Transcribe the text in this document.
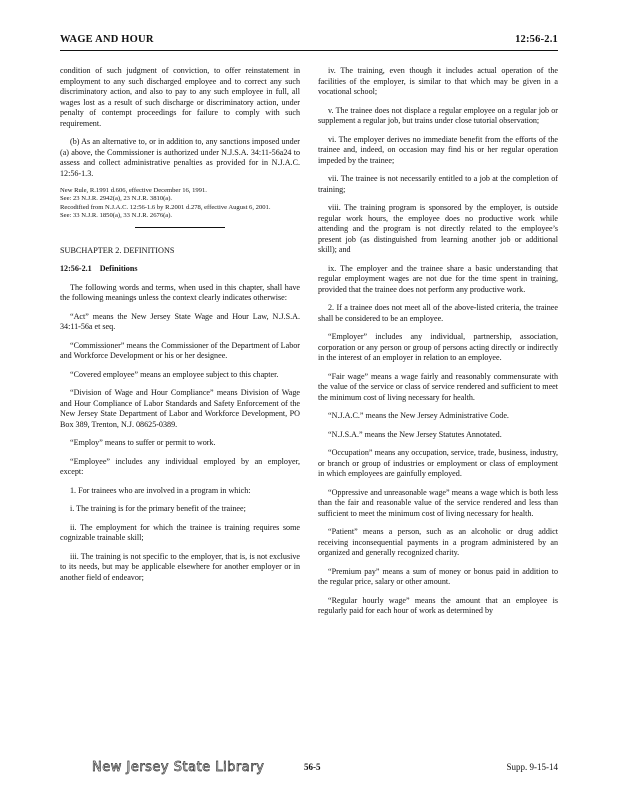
WAGE AND HOUR	12:56-2.1

condition of such judgment of conviction, to offer reinstatement in employment to any such discharged employee and to correct any such discriminatory action, and also to pay to any such employee in full, all wages lost as a result of such discharge or discriminatory action, under penalty of contempt proceedings for failure to comply with such requirement.

(b) As an alternative to, or in addition to, any sanctions imposed under (a) above, the Commissioner is authorized under N.J.S.A. 34:11-56a24 to assess and collect administrative penalties as provided for in N.J.A.C. 12:56-1.3.

New Rule, R.1991 d.606, effective December 16, 1991.

See: 23 N.J.R. 2942(a), 23 N.J.R. 3810(a).

Recodified from N.J.A.C. 12:56-1.6 by R.2001 d.278, effective August 6, 2001.

See: 33 N.J.R. 1850(a), 33 N.J.R. 2676(a).

SUBCHAPTER 2. DEFINITIONS

12:56-2.1 Definitions

The following words and terms, when used in this chapter, shall have the following meanings unless the context clearly indicates otherwise:

“Act” means the New Jersey State Wage and Hour Law, N.J.S.A. 34:11-56a et seq.

“Commissioner” means the Commissioner of the Department of Labor and Workforce Development or his or her designee.

“Covered employee” means an employee subject to this chapter.

“Division of Wage and Hour Compliance” means Division of Wage and Hour Compliance of Labor Standards and Safety Enforcement of the New Jersey State Department of Labor and Workforce Development, PO Box 389, Trenton, N.J. 08625-0389.

“Employ” means to suffer or permit to work.

“Employee” includes any individual employed by an employer, except:

1. For trainees who are involved in a program in which:

i. The training is for the primary benefit of the trainee;

ii. The employment for which the trainee is training requires some cognizable trainable skill;

iii. The training is not specific to the employer, that is, is not exclusive to its needs, but may be applicable elsewhere for another employer or in another field of endeavor;

iv. The training, even though it includes actual operation of the facilities of the employer, is similar to that which may be given in a vocational school;

v. The trainee does not displace a regular employee on a regular job or supplement a regular job, but trains under close tutorial observation;

vi. The employer derives no immediate benefit from the efforts of the trainee and, indeed, on occasion may find his or her regular operation impeded by the trainee;

vii. The trainee is not necessarily entitled to a job at the completion of training;

viii. The training program is sponsored by the employer, is outside regular work hours, the employee does no productive work while attending and the program is not directly related to the employee’s present job (as distinguished from learning another job or additional skill); and

ix. The employer and the trainee share a basic understanding that regular employment wages are not due for the time spent in training, provided that the trainee does not perform any productive work.

2. If a trainee does not meet all of the above-listed criteria, the trainee shall be considered to be an employee.

“Employer” includes any individual, partnership, association, corporation or any person or group of persons acting directly or indirectly in the interest of an employer in relation to an employee.

“Fair wage” means a wage fairly and reasonably commensurate with the value of the service or class of service rendered and sufficient to meet the minimum cost of living necessary for health.

“N.J.A.C.” means the New Jersey Administrative Code.

“N.J.S.A.” means the New Jersey Statutes Annotated.

“Occupation” means any occupation, service, trade, business, industry, or branch or group of industries or employment or class of employment in which employees are gainfully employed.

“Oppressive and unreasonable wage” means a wage which is both less than the fair and reasonable value of the service rendered and less than sufficient to meet the minimum cost of living necessary for health.

“Patient” means a person, such as an alcoholic or drug addict receiving inconsequential payments in a program administered by an organized and generally recognized charity.

“Premium pay” means a sum of money or bonus paid in addition to the regular price, salary or other amount.

“Regular hourly wage” means the amount that an employee is regularly paid for each hour of work as determined by

New Jersey State Library	56-5	Supp. 9-15-14
